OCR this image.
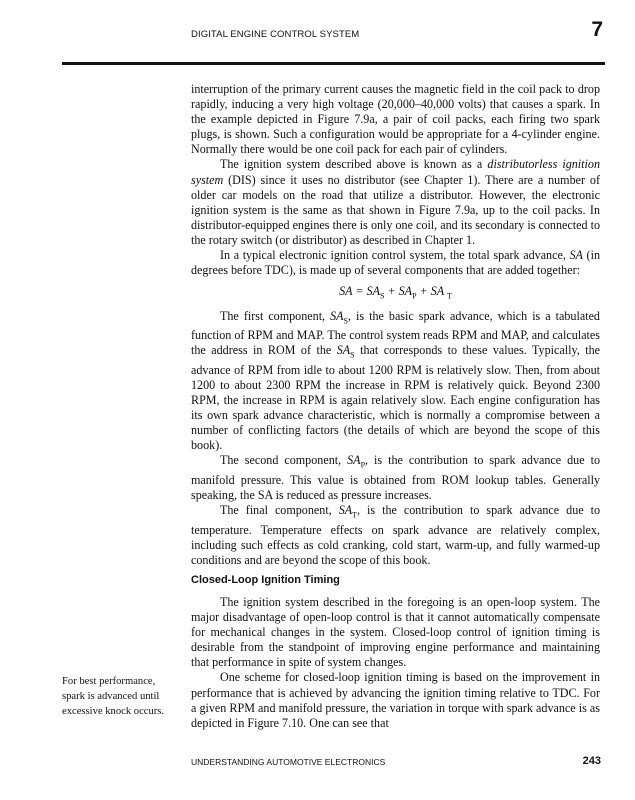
DIGITAL ENGINE CONTROL SYSTEM	7

interruption of the primary current causes the magnetic field in the coil pack to drop rapidly, inducing a very high voltage (20,000–40,000 volts) that causes a spark. In the example depicted in Figure 7.9a, a pair of coil packs, each firing two spark plugs, is shown. Such a configuration would be appropriate for a 4-cylinder engine. Normally there would be one coil pack for each pair of cylinders.

The ignition system described above is known as a distributorless ignition system (DIS) since it uses no distributor (see Chapter 1). There are a number of older car models on the road that utilize a distributor. However, the electronic ignition system is the same as that shown in Figure 7.9a, up to the coil packs. In distributor-equipped engines there is only one coil, and its secondary is connected to the rotary switch (or distributor) as described in Chapter 1.

In a typical electronic ignition control system, the total spark advance, SA (in degrees before TDC), is made up of several components that are added together:

SA = $SA_S + SA_P$ + SA $_T$

The first component, $SA_S$, is the basic spark advance, which is a tabulated function of RPM and MAP. The control system reads RPM and MAP, and calculates the address in ROM of the $SA_S$ that corresponds to these values. Typically, the advance of RPM from idle to about 1200 RPM is relatively slow. Then, from about 1200 to about 2300 RPM the increase in RPM is relatively quick. Beyond 2300 RPM, the increase in RPM is again relatively slow. Each engine configuration has its own spark advance characteristic, which is normally a compromise between a number of conflicting factors (the details of which are beyond the scope of this book).

The second component, $SA_P$, is the contribution to spark advance due to manifold pressure. This value is obtained from ROM lookup tables. Generally speaking, the SA is reduced as pressure increases.

The final component, $SA_T$, is the contribution to spark advance due to temperature. Temperature effects on spark advance are relatively complex, including such effects as cold cranking, cold start, warm-up, and fully warmed-up conditions and are beyond the scope of this book.

Closed-Loop Ignition Timing

The ignition system described in the foregoing is an open-loop system. The major disadvantage of open-loop control is that it cannot automatically compensate for mechanical changes in the system. Closed-loop control of ignition timing is desirable from the standpoint of improving engine performance and maintaining that performance in spite of system changes.

One scheme for closed-loop ignition timing is based on the improvement in performance that is achieved by advancing the ignition timing relative to TDC. For a given RPM and manifold pressure, the variation in torque with spark advance is as depicted in Figure 7.10. One can see that

For best performance, spark is advanced until excessive knock occurs.
UNDERSTANDING AUTOMOTIVE ELECTRONICS	243
